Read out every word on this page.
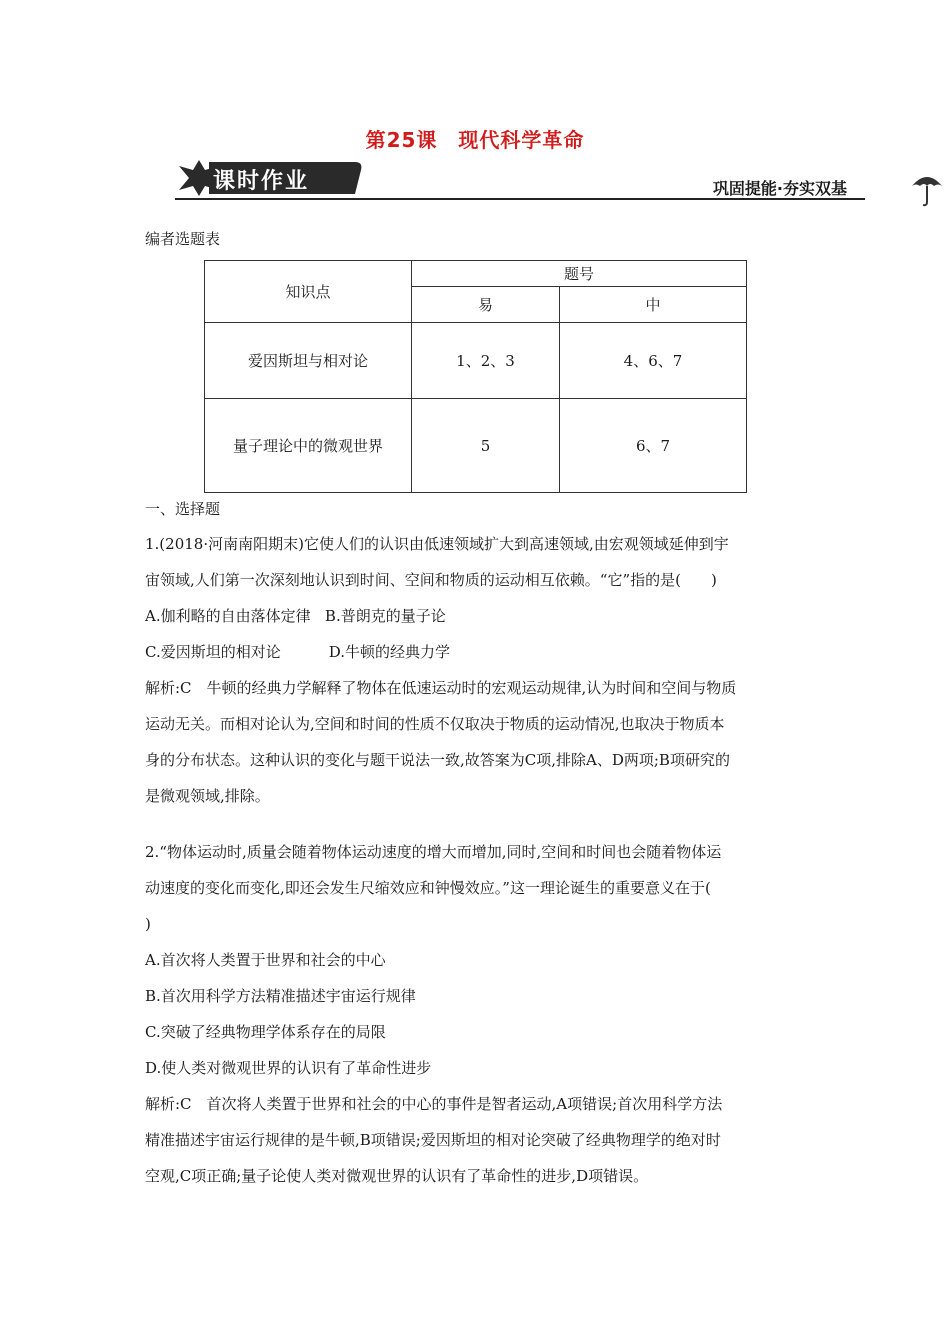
第25课　现代科学革命
课时作业	巩固提能·夯实双基
编者选题表
知识点	题号	
	易	中
爱因斯坦与相对论	1、2、3	4、6、7
量子理论中的微观世界	5	6、7
一、选择题
1.(2018·河南南阳期末)它使人们的认识由低速领域扩大到高速领域,由宏观领域延伸到宇
宙领域,人们第一次深刻地认识到时间、空间和物质的运动相互依赖。“它”指的是(　　)
A.伽利略的自由落体定律 B.普朗克的量子论
C.爱因斯坦的相对论	D.牛顿的经典力学
解析:C　牛顿的经典力学解释了物体在低速运动时的宏观运动规律,认为时间和空间与物质
运动无关。而相对论认为,空间和时间的性质不仅取决于物质的运动情况,也取决于物质本
身的分布状态。这种认识的变化与题干说法一致,故答案为C项,排除A、D两项;B项研究的
是微观领域,排除。
2.“物体运动时,质量会随着物体运动速度的增大而增加,同时,空间和时间也会随着物体运
动速度的变化而变化,即还会发生尺缩效应和钟慢效应。”这一理论诞生的重要意义在于(
)
A.首次将人类置于世界和社会的中心
B.首次用科学方法精准描述宇宙运行规律
C.突破了经典物理学体系存在的局限
D.使人类对微观世界的认识有了革命性进步
解析:C　首次将人类置于世界和社会的中心的事件是智者运动,A项错误;首次用科学方法
精准描述宇宙运行规律的是牛顿,B项错误;爱因斯坦的相对论突破了经典物理学的绝对时
空观,C项正确;量子论使人类对微观世界的认识有了革命性的进步,D项错误。
